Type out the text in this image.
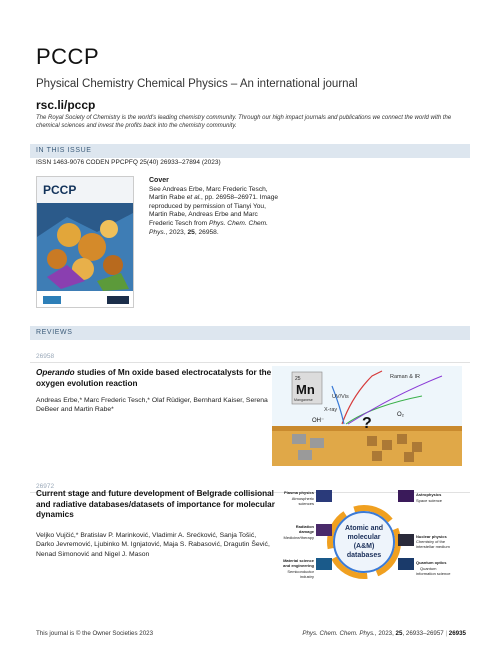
PCCP
Physical Chemistry Chemical Physics – An international journal
rsc.li/pccp
The Royal Society of Chemistry is the world's leading chemistry community. Through our high impact journals and publications we connect the world with the chemical sciences and invest the profits back into the chemistry community.
IN THIS ISSUE
ISSN 1463-9076 CODEN PPCPFQ 25(40) 26933–27894 (2023)
PCCP
Cover
See Andreas Erbe, Marc Frederic Tesch, Martin Rabe et al., pp. 26958–26971. Image reproduced by permission of Tianyi You, Martin Rabe, Andreas Erbe and Marc Frederic Tesch from Phys. Chem. Chem. Phys., 2023, 25, 26958.
REVIEWS
26958
Operando studies of Mn oxide based electrocatalysts for the oxygen evolution reaction
Andreas Erbe,* Marc Frederic Tesch,* Olaf Rüdiger, Bernhard Kaiser, Serena DeBeer and Martin Rabe*
25
Mn
Manganese
Raman & IR
UV/Vis
X-ray
OH⁻
O₂
?
26972
Current stage and future development of Belgrade collisional and radiative databases/datasets of importance for molecular dynamics
Veljko Vujčić,* Bratislav P. Marinković, Vladimir A. Srećković, Sanja Tošić, Darko Jevremović, Ljubinko M. Ignjatović, Maja S. Rabasović, Dragutin Šević, Nenad Simonović and Nigel J. Mason
Atomic and
molecular
(A&M)
databases
Plasma physics
Atmospheric
sciences
Radiation
damage
Medicine/therapy
Material science
and engineering
Semiconductor
industry
Astrophysics
Space science
Nuclear physics
Chemistry of the
interstellar medium
Quantum optics
Quantum
information science
This journal is © the Owner Societies 2023	Phys. Chem. Chem. Phys., 2023, 25, 26933–26957 | 26935
